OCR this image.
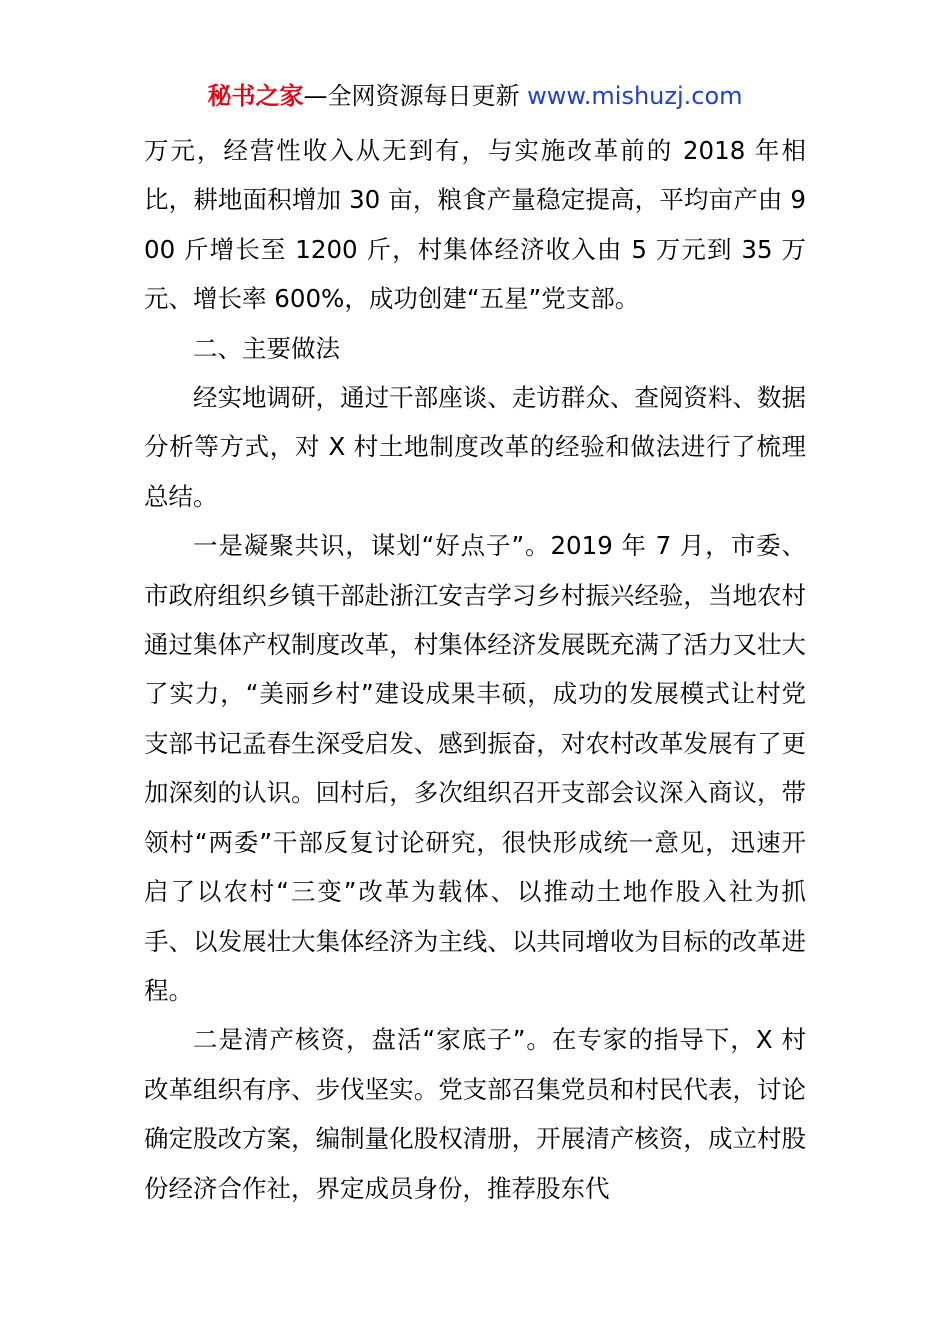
秘书之家—全网资源每日更新 www.mishuzj.com

万元，经营性收入从无到有，与实施改革前的 2018 年相比，耕地面积增加 30 亩，粮食产量稳定提高，平均亩产由 900 斤增长至 1200 斤，村集体经济收入由 5 万元到 35 万元、增长率 600%，成功创建“五星”党支部。

二、主要做法

经实地调研，通过干部座谈、走访群众、查阅资料、数据分析等方式，对 X 村土地制度改革的经验和做法进行了梳理总结。

一是凝聚共识，谋划“好点子”。2019 年 7 月，市委、市政府组织乡镇干部赴浙江安吉学习乡村振兴经验，当地农村通过集体产权制度改革，村集体经济发展既充满了活力又壮大了实力，“美丽乡村”建设成果丰硕，成功的发展模式让村党支部书记孟春生深受启发、感到振奋，对农村改革发展有了更加深刻的认识。回村后，多次组织召开支部会议深入商议，带领村“两委”干部反复讨论研究，很快形成统一意见，迅速开启了以农村“三变”改革为载体、以推动土地作股入社为抓手、以发展壮大集体经济为主线、以共同增收为目标的改革进程。

二是清产核资，盘活“家底子”。在专家的指导下，X 村改革组织有序、步伐坚实。党支部召集党员和村民代表，讨论确定股改方案，编制量化股权清册，开展清产核资，成立村股份经济合作社，界定成员身份，推荐股东代
